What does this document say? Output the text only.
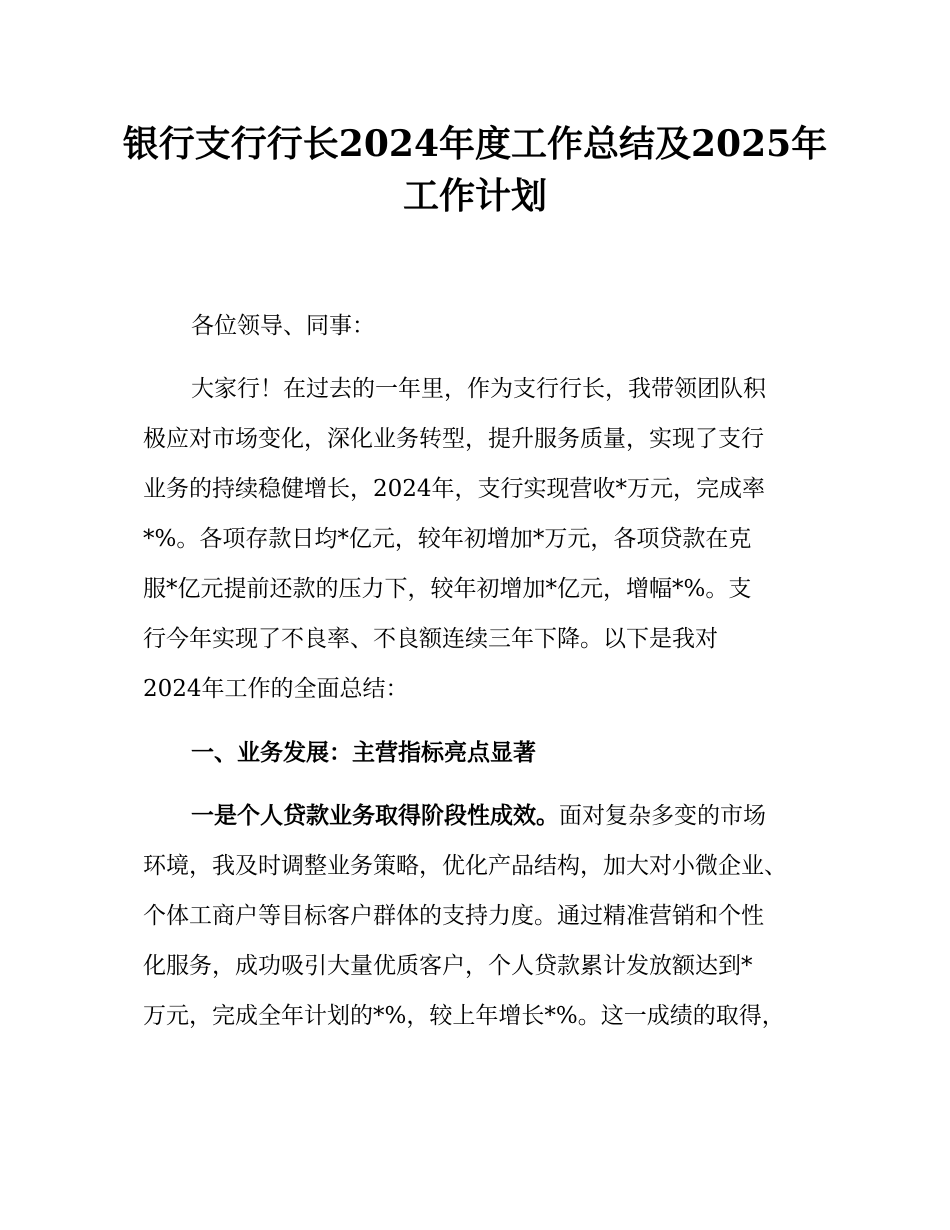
银行支行行长2024年度工作总结及2025年
工作计划

各位领导、同事：

大家行！在过去的一年里，作为支行行长，我带领团队积

极应对市场变化，深化业务转型，提升服务质量，实现了支行

业务的持续稳健增长，2024年，支行实现营收*万元，完成率

*%。各项存款日均*亿元，较年初增加*万元，各项贷款在克

服*亿元提前还款的压力下，较年初增加*亿元，增幅*%。支

行今年实现了不良率、不良额连续三年下降。以下是我对

2024年工作的全面总结：

一、业务发展：主营指标亮点显著

一是个人贷款业务取得阶段性成效。面对复杂多变的市场

环境，我及时调整业务策略，优化产品结构，加大对小微企业、

个体工商户等目标客户群体的支持力度。通过精准营销和个性

化服务，成功吸引大量优质客户，个人贷款累计发放额达到*

万元，完成全年计划的*%，较上年增长*%。这一成绩的取得，
